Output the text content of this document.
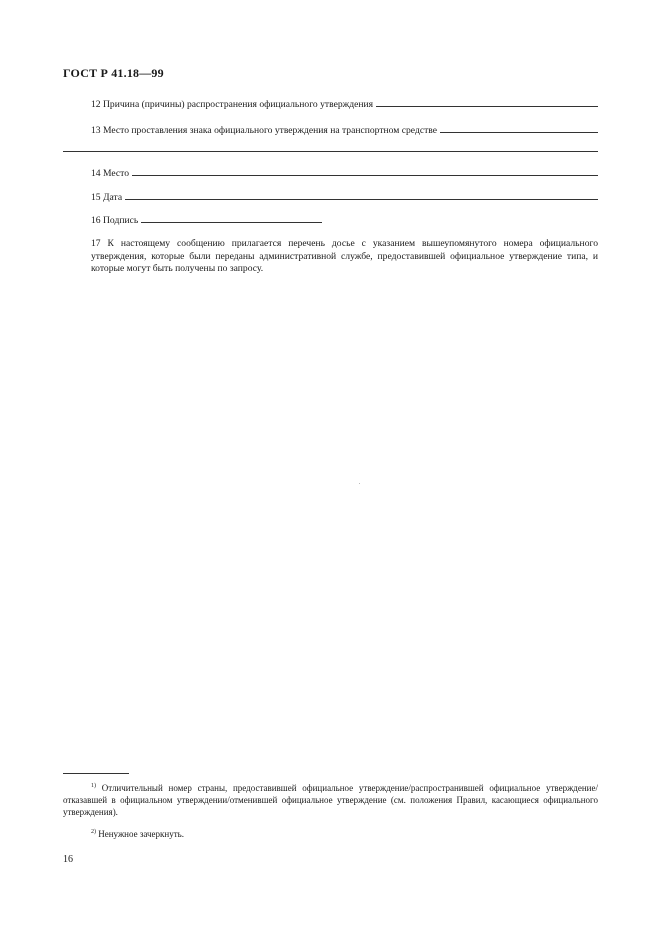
ГОСТ Р 41.18—99
12 Причина (причины) распространения официального утверждения
13 Место проставления знака официального утверждения на транспортном средстве
14 Место
15 Дата
16 Подпись
17 К настоящему сообщению прилагается перечень досье с указанием вышеупомянутого номера официального утверждения, которые были переданы административной службе, предоставившей официальное утверждение типа, и которые могут быть получены по запросу.
$^{1)}$ Отличительный номер страны, предоставившей официальное утверждение/распространившей официальное утверждение/отказавшей в официальном утверждении/отменившей официальное утверждение (см. положения Правил, касающиеся официального утверждения).
$^{2)}$ Ненужное зачеркнуть.
16
